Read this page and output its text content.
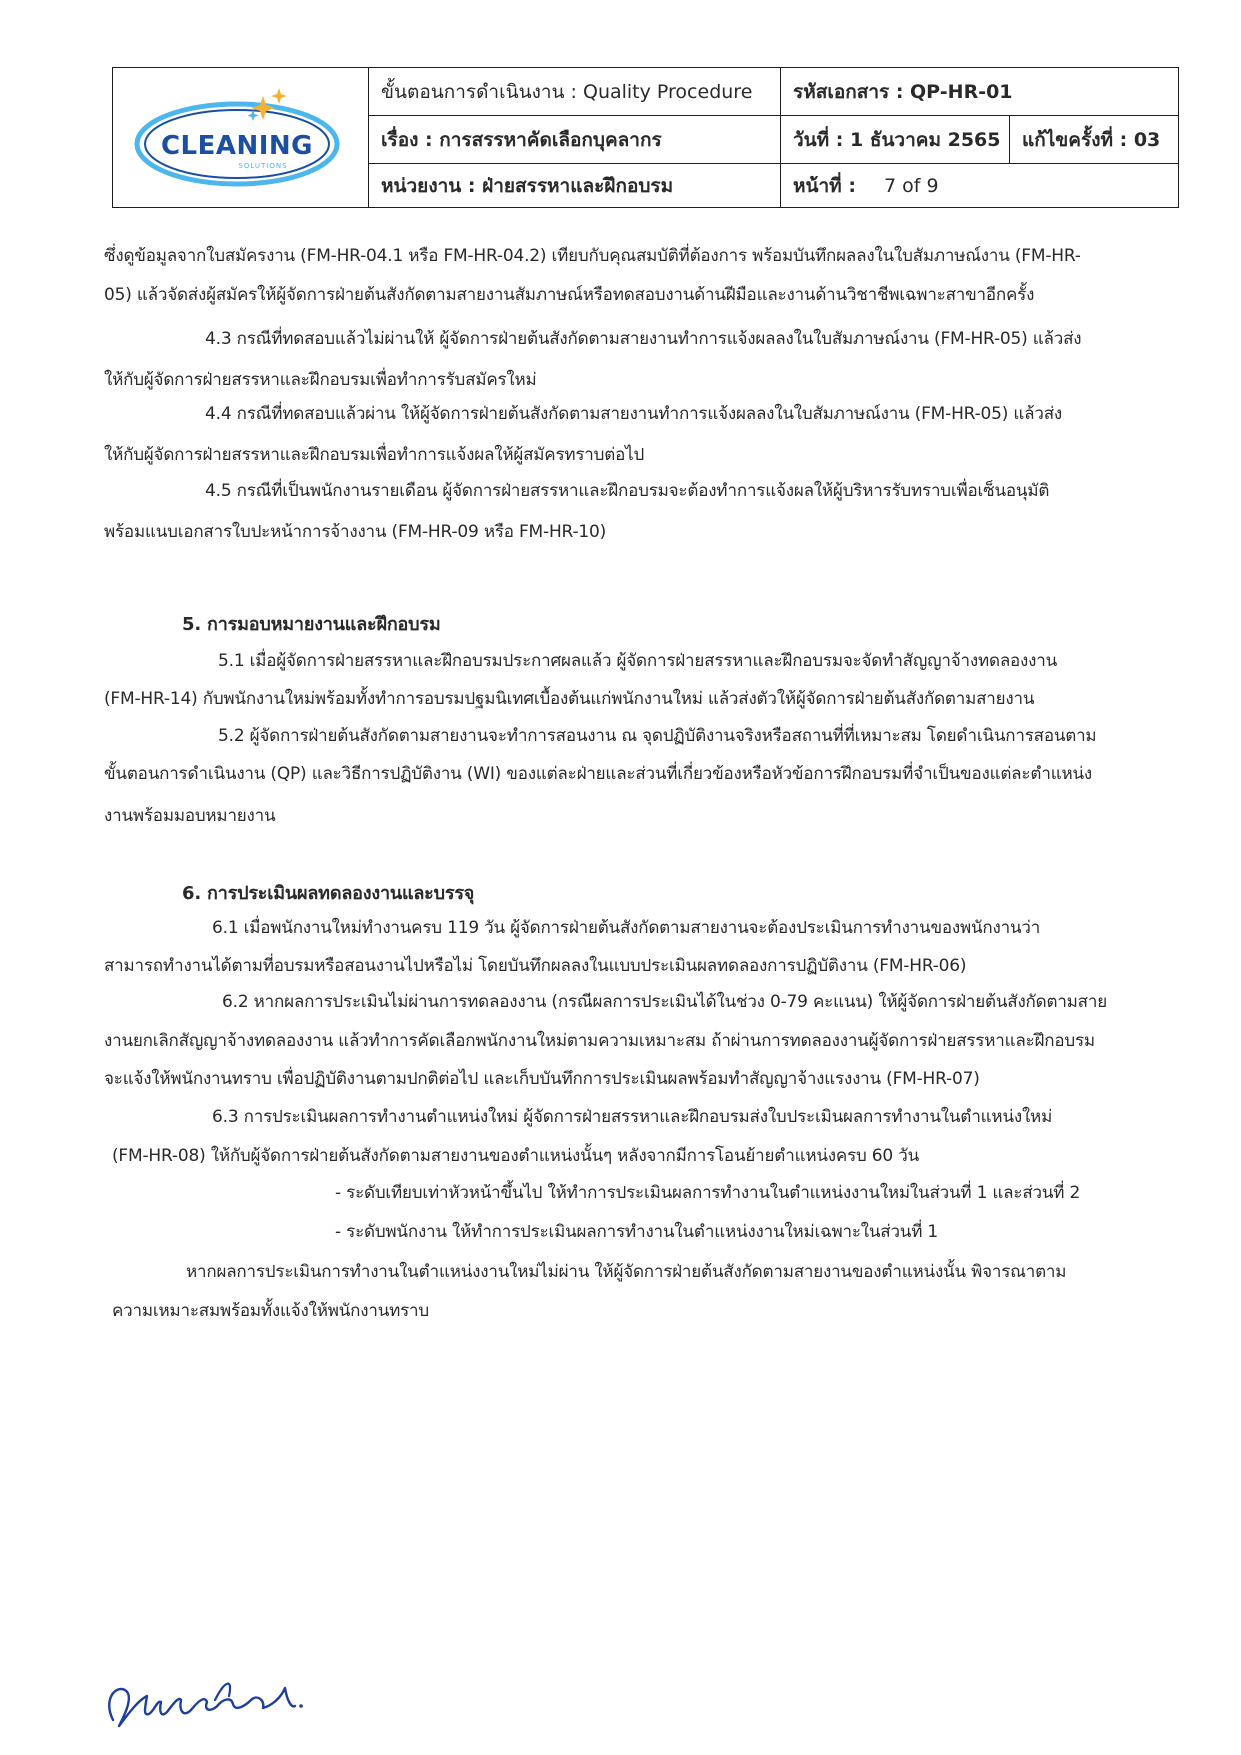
CLEANING
SOLUTIONS	ขั้นตอนการดำเนินงาน : Quality Procedure	รหัสเอกสาร : QP-HR-01	
	เรื่อง : การสรรหาคัดเลือกบุคลากร	วันที่ : 1 ธันวาคม 2565	แก้ไขครั้งที่ : 03
	หน่วยงาน : ฝ่ายสรรหาและฝึกอบรม	หน้าที่ : 7 of 9	
ซึ่งดูข้อมูลจากใบสมัครงาน (FM-HR-04.1 หรือ FM-HR-04.2) เทียบกับคุณสมบัติที่ต้องการ พร้อมบันทึกผลลงในใบสัมภาษณ์งาน (FM-HR-
05) แล้วจัดส่งผู้สมัครให้ผู้จัดการฝ่ายต้นสังกัดตามสายงานสัมภาษณ์หรือทดสอบงานด้านฝีมือและงานด้านวิชาชีพเฉพาะสาขาอีกครั้ง
4.3 กรณีที่ทดสอบแล้วไม่ผ่านให้ ผู้จัดการฝ่ายต้นสังกัดตามสายงานทำการแจ้งผลลงในใบสัมภาษณ์งาน (FM-HR-05) แล้วส่ง
ให้กับผู้จัดการฝ่ายสรรหาและฝึกอบรมเพื่อทำการรับสมัครใหม่
4.4 กรณีที่ทดสอบแล้วผ่าน ให้ผู้จัดการฝ่ายต้นสังกัดตามสายงานทำการแจ้งผลลงในใบสัมภาษณ์งาน (FM-HR-05) แล้วส่ง
ให้กับผู้จัดการฝ่ายสรรหาและฝึกอบรมเพื่อทำการแจ้งผลให้ผู้สมัครทราบต่อไป
4.5 กรณีที่เป็นพนักงานรายเดือน ผู้จัดการฝ่ายสรรหาและฝึกอบรมจะต้องทำการแจ้งผลให้ผู้บริหารรับทราบเพื่อเซ็นอนุมัติ
พร้อมแนบเอกสารใบปะหน้าการจ้างงาน (FM-HR-09 หรือ FM-HR-10)
5. การมอบหมายงานและฝึกอบรม
5.1 เมื่อผู้จัดการฝ่ายสรรหาและฝึกอบรมประกาศผลแล้ว ผู้จัดการฝ่ายสรรหาและฝึกอบรมจะจัดทำสัญญาจ้างทดลองงาน
(FM-HR-14) กับพนักงานใหม่พร้อมทั้งทำการอบรมปฐมนิเทศเบื้องต้นแก่พนักงานใหม่ แล้วส่งตัวให้ผู้จัดการฝ่ายต้นสังกัดตามสายงาน
5.2 ผู้จัดการฝ่ายต้นสังกัดตามสายงานจะทำการสอนงาน ณ จุดปฏิบัติงานจริงหรือสถานที่ที่เหมาะสม โดยดำเนินการสอนตาม
ขั้นตอนการดำเนินงาน (QP) และวิธีการปฏิบัติงาน (WI) ของแต่ละฝ่ายและส่วนที่เกี่ยวข้องหรือหัวข้อการฝึกอบรมที่จำเป็นของแต่ละตำแหน่ง
งานพร้อมมอบหมายงาน
6. การประเมินผลทดลองงานและบรรจุ
6.1 เมื่อพนักงานใหม่ทำงานครบ 119 วัน ผู้จัดการฝ่ายต้นสังกัดตามสายงานจะต้องประเมินการทำงานของพนักงานว่า
สามารถทำงานได้ตามที่อบรมหรือสอนงานไปหรือไม่ โดยบันทึกผลลงในแบบประเมินผลทดลองการปฏิบัติงาน (FM-HR-06)
6.2 หากผลการประเมินไม่ผ่านการทดลองงาน (กรณีผลการประเมินได้ในช่วง 0-79 คะแนน) ให้ผู้จัดการฝ่ายต้นสังกัดตามสาย
งานยกเลิกสัญญาจ้างทดลองงาน แล้วทำการคัดเลือกพนักงานใหม่ตามความเหมาะสม ถ้าผ่านการทดลองงานผู้จัดการฝ่ายสรรหาและฝึกอบรม
จะแจ้งให้พนักงานทราบ เพื่อปฏิบัติงานตามปกติต่อไป และเก็บบันทึกการประเมินผลพร้อมทำสัญญาจ้างแรงงาน (FM-HR-07)
6.3 การประเมินผลการทำงานตำแหน่งใหม่ ผู้จัดการฝ่ายสรรหาและฝึกอบรมส่งใบประเมินผลการทำงานในตำแหน่งใหม่
(FM-HR-08) ให้กับผู้จัดการฝ่ายต้นสังกัดตามสายงานของตำแหน่งนั้นๆ หลังจากมีการโอนย้ายตำแหน่งครบ 60 วัน
- ระดับเทียบเท่าหัวหน้าขึ้นไป ให้ทำการประเมินผลการทำงานในตำแหน่งงานใหม่ในส่วนที่ 1 และส่วนที่ 2
- ระดับพนักงาน ให้ทำการประเมินผลการทำงานในตำแหน่งงานใหม่เฉพาะในส่วนที่ 1
หากผลการประเมินการทำงานในตำแหน่งงานใหม่ไม่ผ่าน ให้ผู้จัดการฝ่ายต้นสังกัดตามสายงานของตำแหน่งนั้น พิจารณาตาม
ความเหมาะสมพร้อมทั้งแจ้งให้พนักงานทราบ
